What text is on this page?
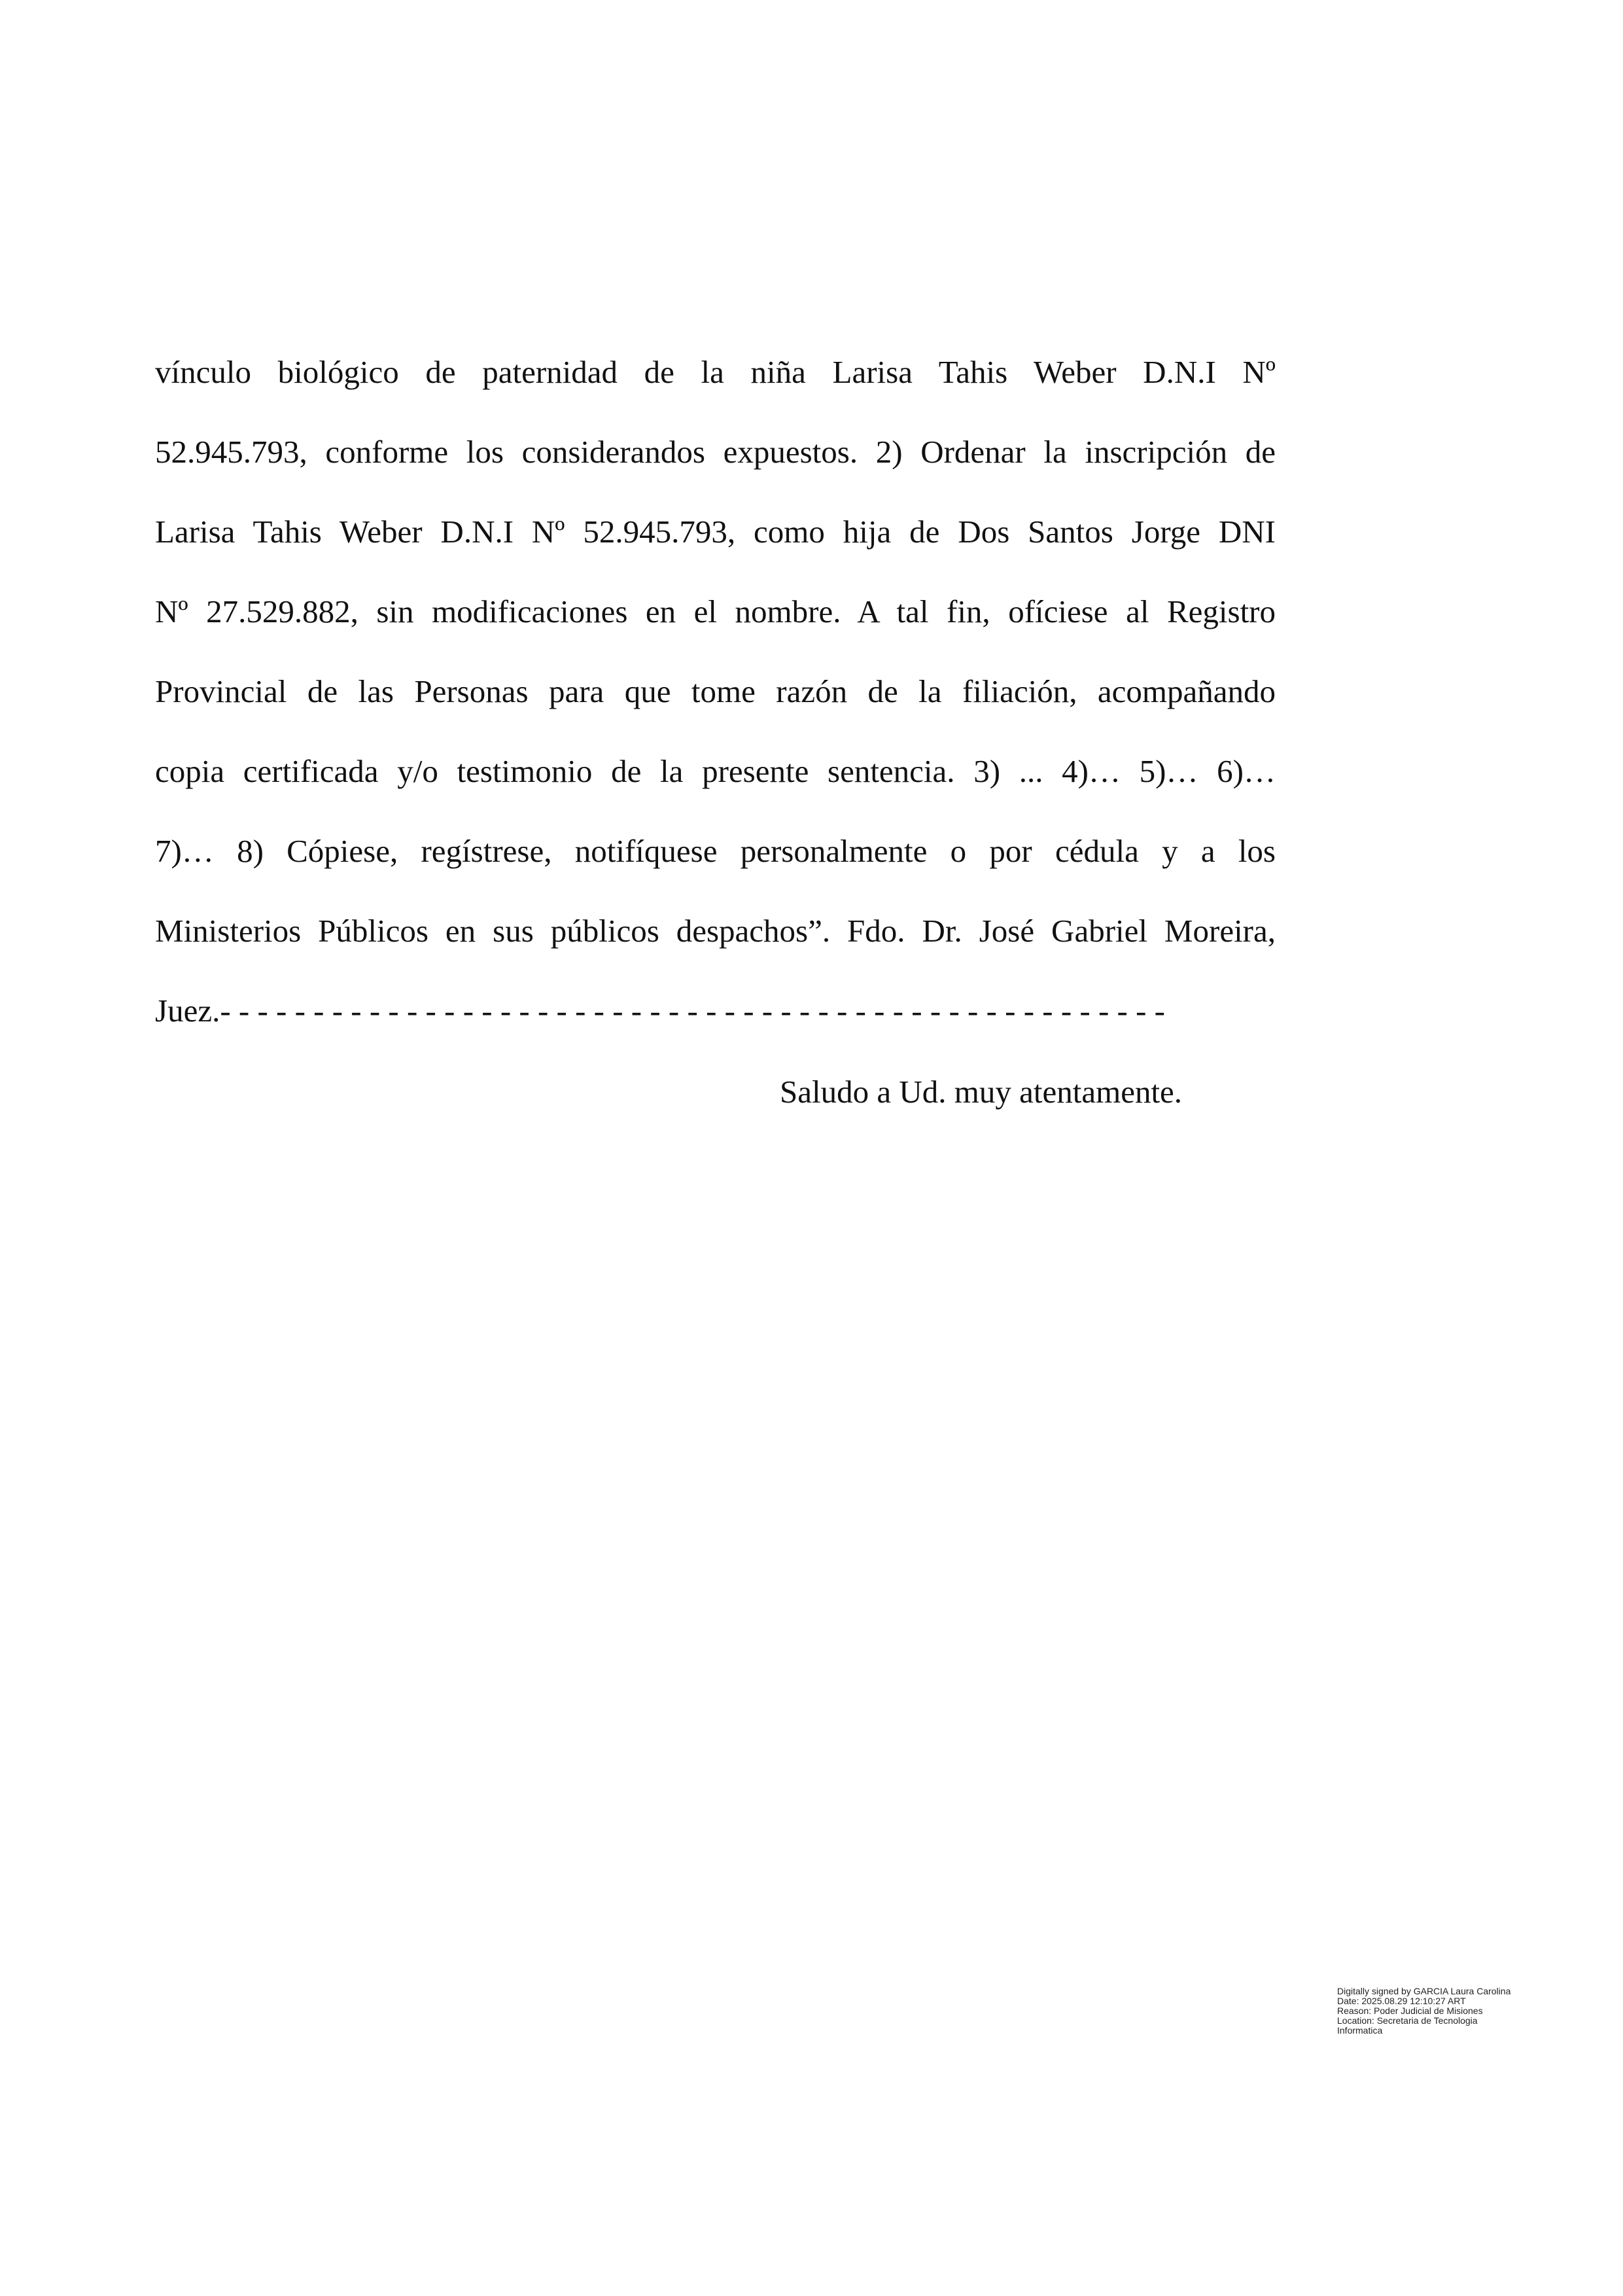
vínculo biológico de paternidad de la niña Larisa Tahis Weber D.N.I Nº
52.945.793, conforme los considerandos expuestos. 2) Ordenar la inscripción de
Larisa Tahis Weber D.N.I Nº 52.945.793, como hija de Dos Santos Jorge DNI
Nº 27.529.882, sin modificaciones en el nombre. A tal fin, ofíciese al Registro
Provincial de las Personas para que tome razón de la filiación, acompañando
copia certificada y/o testimonio de la presente sentencia. 3) ... 4)… 5)… 6)…
7)… 8) Cópiese, regístrese, notifíquese personalmente o por cédula y a los
Ministerios Públicos en sus públicos despachos”. Fdo. Dr. José Gabriel Moreira,
Juez.- - - - - - - - - - - - - - - - - - - - - - - - - - - - - - - - - - - - - - - - - - - - - - - - - - -
Saludo a Ud. muy atentamente.
Digitally signed by GARCIA Laura Carolina
Date: 2025.08.29 12:10:27 ART
Reason: Poder Judicial de Misiones
Location: Secretaria de Tecnologia
Informatica
